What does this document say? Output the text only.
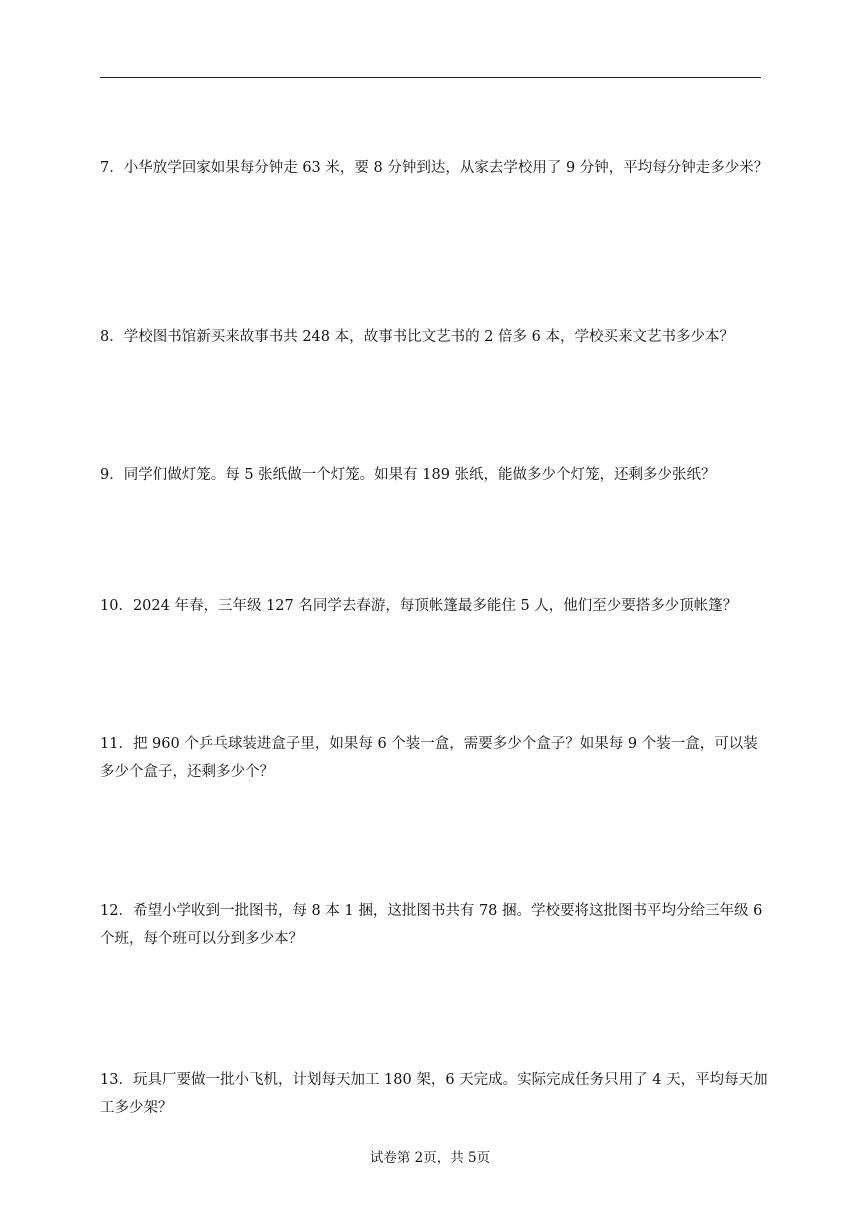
7．小华放学回家如果每分钟走 63 米，要 8 分钟到达，从家去学校用了 9 分钟，平均每分钟走多少米？

8．学校图书馆新买来故事书共 248 本，故事书比文艺书的 2 倍多 6 本，学校买来文艺书多少本？

9．同学们做灯笼。每 5 张纸做一个灯笼。如果有 189 张纸，能做多少个灯笼，还剩多少张纸？

10．2024 年春，三年级 127 名同学去春游，每顶帐篷最多能住 5 人，他们至少要搭多少顶帐篷？

11．把 960 个乒乓球装进盒子里，如果每 6 个装一盒，需要多少个盒子？如果每 9 个装一盒，可以装多少个盒子，还剩多少个？

12．希望小学收到一批图书，每 8 本 1 捆，这批图书共有 78 捆。学校要将这批图书平均分给三年级 6 个班，每个班可以分到多少本？

13．玩具厂要做一批小飞机，计划每天加工 180 架，6 天完成。实际完成任务只用了 4 天，平均每天加工多少架？

试卷第 2页，共 5页
